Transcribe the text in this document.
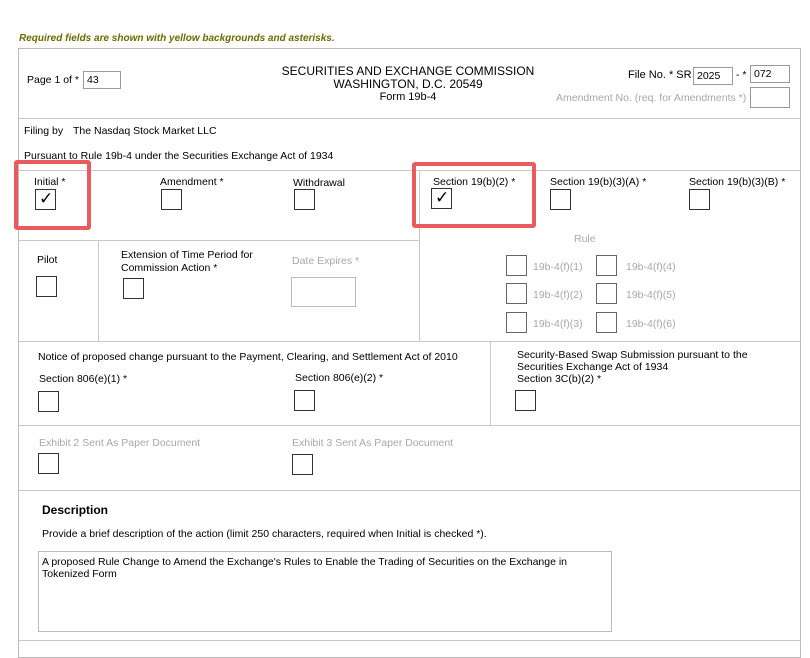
Required fields are shown with yellow backgrounds and asterisks.
Page 1 of * 43
SECURITIES AND EXCHANGE COMMISSION
WASHINGTON, D.C. 20549
Form 19b-4
File No. * SR 2025	- * 072
Amendment No. (req. for Amendments *)
Filing by The Nasdaq Stock Market LLC
Pursuant to Rule 19b-4 under the Securities Exchange Act of 1934
Initial *
✓
Amendment *	Withdrawal	Section 19(b)(2) *
✓
Section 19(b)(3)(A) *	Section 19(b)(3)(B) *
Pilot	Extension of Time Period for
Commission Action *
Date Expires *
Rule
19b-4(f)(1)	19b-4(f)(4)
19b-4(f)(2)	19b-4(f)(5)
19b-4(f)(3)	19b-4(f)(6)
Notice of proposed change pursuant to the Payment, Clearing, and Settlement Act of 2010
Section 806(e)(1) *	Section 806(e)(2) *
Security-Based Swap Submission pursuant to the
Securities Exchange Act of 1934
Section 3C(b)(2) *
Exhibit 2 Sent As Paper Document	Exhibit 3 Sent As Paper Document
Description
Provide a brief description of the action (limit 250 characters, required when Initial is checked *).
A proposed Rule Change to Amend the Exchange's Rules to Enable the Trading of Securities on the Exchange in Tokenized Form
